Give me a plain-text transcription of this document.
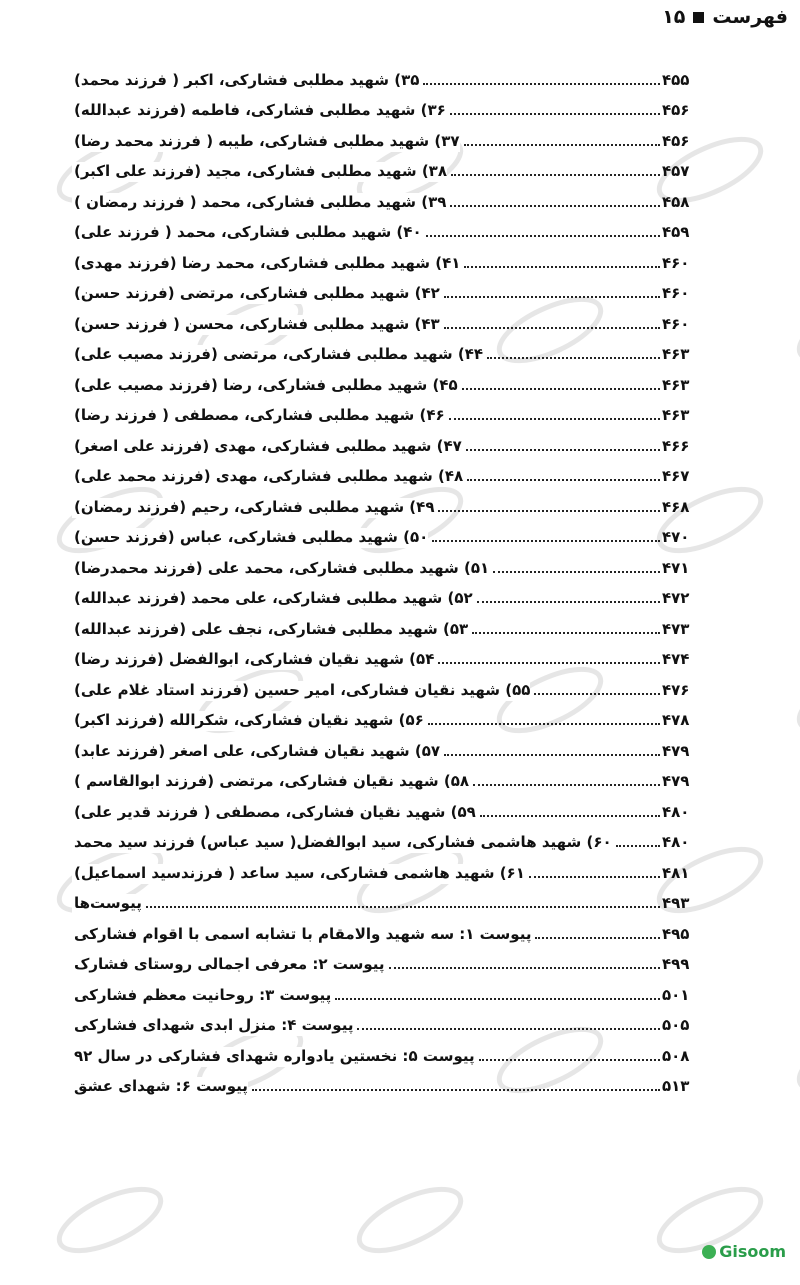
فهرست
۱۵
۳۵) شهید مطلبی فشارکی، اکبر ( فرزند محمد)	۴۵۵
۳۶) شهید مطلبی فشارکی، فاطمه (فرزند عبدالله)	۴۵۶
۳۷) شهید مطلبی فشارکی، طیبه ( فرزند محمد رضا)	۴۵۶
۳۸) شهید مطلبی فشارکی، مجید (فرزند علی اکبر)	۴۵۷
۳۹) شهید مطلبی فشارکی، محمد ( فرزند رمضان )	۴۵۸
۴۰) شهید مطلبی فشارکی، محمد ( فرزند علی)	۴۵۹
۴۱) شهید مطلبی فشارکی، محمد رضا (فرزند مهدی)	۴۶۰
۴۲) شهید مطلبی فشارکی، مرتضی (فرزند حسن)	۴۶۰
۴۳) شهید مطلبی فشارکی، محسن ( فرزند حسن)	۴۶۰
۴۴) شهید مطلبی فشارکی، مرتضی (فرزند مصیب علی)	۴۶۳
۴۵) شهید مطلبی فشارکی، رضا (فرزند مصیب علی)	۴۶۳
۴۶) شهید مطلبی فشارکی، مصطفی ( فرزند رضا)	۴۶۳
۴۷) شهید مطلبی فشارکی، مهدی (فرزند علی اصغر)	۴۶۶
۴۸) شهید مطلبی فشارکی، مهدی (فرزند محمد علی)	۴۶۷
۴۹) شهید مطلبی فشارکی، رحیم (فرزند رمضان)	۴۶۸
۵۰) شهید مطلبی فشارکی، عباس (فرزند حسن)	۴۷۰
۵۱) شهید مطلبی فشارکی، محمد علی (فرزند محمدرضا)	۴۷۱
۵۲) شهید مطلبی فشارکی، علی محمد (فرزند عبدالله)	۴۷۲
۵۳) شهید مطلبی فشارکی، نجف علی (فرزند عبدالله)	۴۷۳
۵۴) شهید نقیان فشارکی، ابوالفضل (فرزند رضا)	۴۷۴
۵۵) شهید نقیان فشارکی، امیر حسین (فرزند استاد غلام علی)	۴۷۶
۵۶) شهید نقیان فشارکی، شکرالله (فرزند اکبر)	۴۷۸
۵۷) شهید نقیان فشارکی، علی اصغر (فرزند عابد)	۴۷۹
۵۸) شهید نقیان فشارکی، مرتضی (فرزند ابوالقاسم )	۴۷۹
۵۹) شهید نقیان فشارکی، مصطفی ( فرزند قدیر علی)	۴۸۰
۶۰) شهید هاشمی فشارکی، سید ابوالفضل( سید عباس) فرزند سید محمد	۴۸۰
۶۱) شهید هاشمی فشارکی، سید ساعد ( فرزندسید اسماعیل)	۴۸۱
پیوست‌ها	۴۹۳
پیوست ۱: سه شهید والامقام با تشابه اسمی با اقوام فشارکی	۴۹۵
پیوست ۲: معرفی اجمالی روستای فشارک	۴۹۹
پیوست ۳: روحانیت معظم فشارکی	۵۰۱
پیوست ۴: منزل ابدی شهدای فشارکی	۵۰۵
پیوست ۵: نخستین یادواره شهدای فشارکی در سال ۹۲	۵۰۸
پیوست ۶: شهدای عشق	۵۱۳
Gisoom
